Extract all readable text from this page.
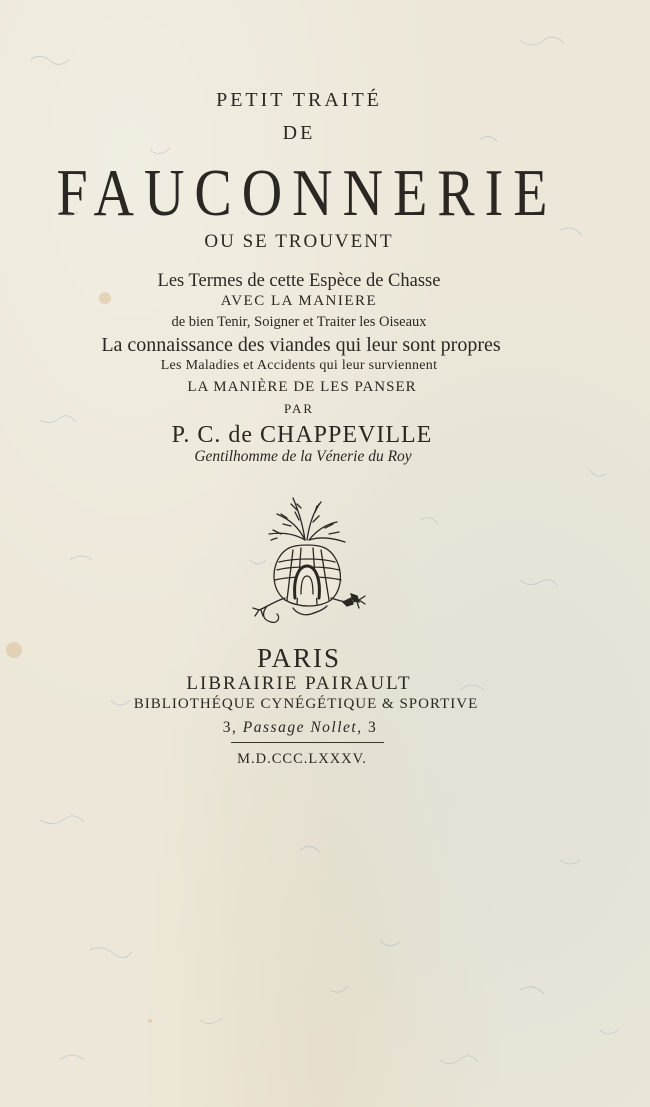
PETIT TRAITÉ
DE
FAUCONNERIE
OU SE TROUVENT
Les Termes de cette Espèce de Chasse
AVEC LA MANIERE
de bien Tenir, Soigner et Traiter les Oiseaux
La connaissance des viandes qui leur sont propres
Les Maladies et Accidents qui leur surviennent
LA MANIÈRE DE LES PANSER
PAR
P. C. de CHAPPEVILLE
Gentilhomme de la Vénerie du Roy
PARIS
LIBRAIRIE PAIRAULT
BIBLIOTHÉQUE CYNÉGÉTIQUE & SPORTIVE
3, Passage Nollet, 3
M.D.CCC.LXXXV.
